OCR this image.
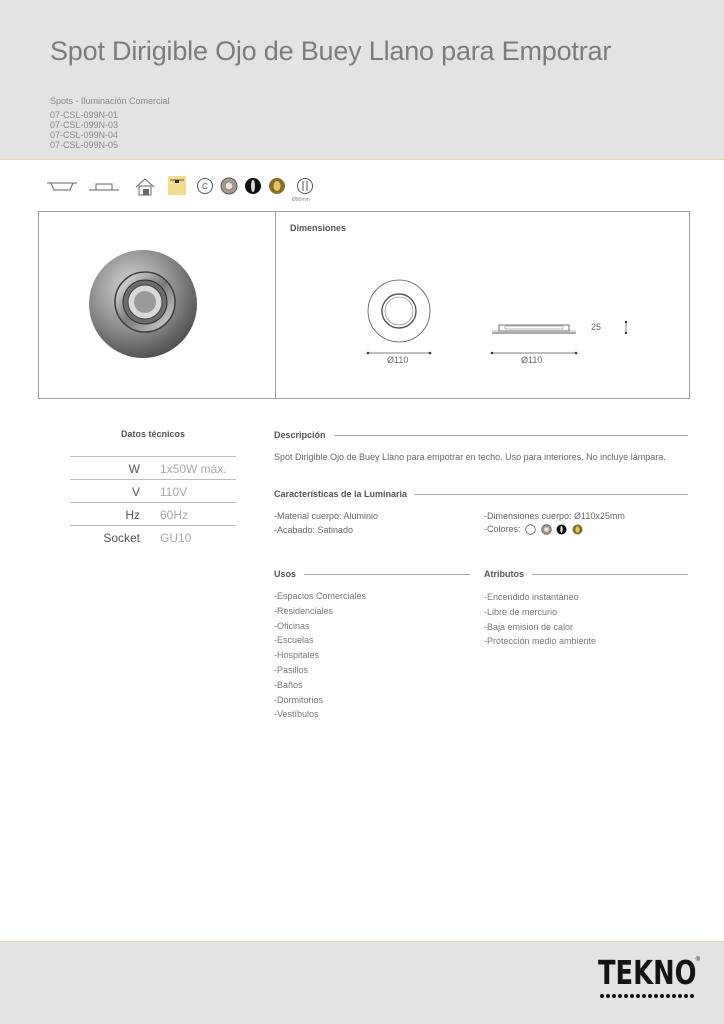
Spot Dirigible Ojo de Buey Llano para Empotrar
Spots - Iluminación Comercial
07-CSL-099N-01
07-CSL-099N-03
07-CSL-099N-04
07-CSL-099N-05
C
Ø80mm
Dimensiones
Ø110	Ø110
25
Datos técnicos
W 1x50W máx.
V 110V
Hz 60Hz
Socket GU10
Descripción
Spot Dirigible Ojo de Buey Llano para empotrar en techo. Uso para interiores. No incluye lámpara.
Características de la Luminaria
-Material cuerpo: Aluminio
-Acabado: Satinado
-Dimensiones cuerpo: Ø110x25mm
-Colores:
Usos
-Espacios Comerciales
-Residenciales
-Oficinas
-Escuelas
-Hospitales
-Pasillos
-Baños
-Dormitorios
-Vestíbulos
Atributos
-Encendido instantáneo
-Libre de mercurio
-Baja emision de calor
-Protección medio ambiente
TEKNO ®
